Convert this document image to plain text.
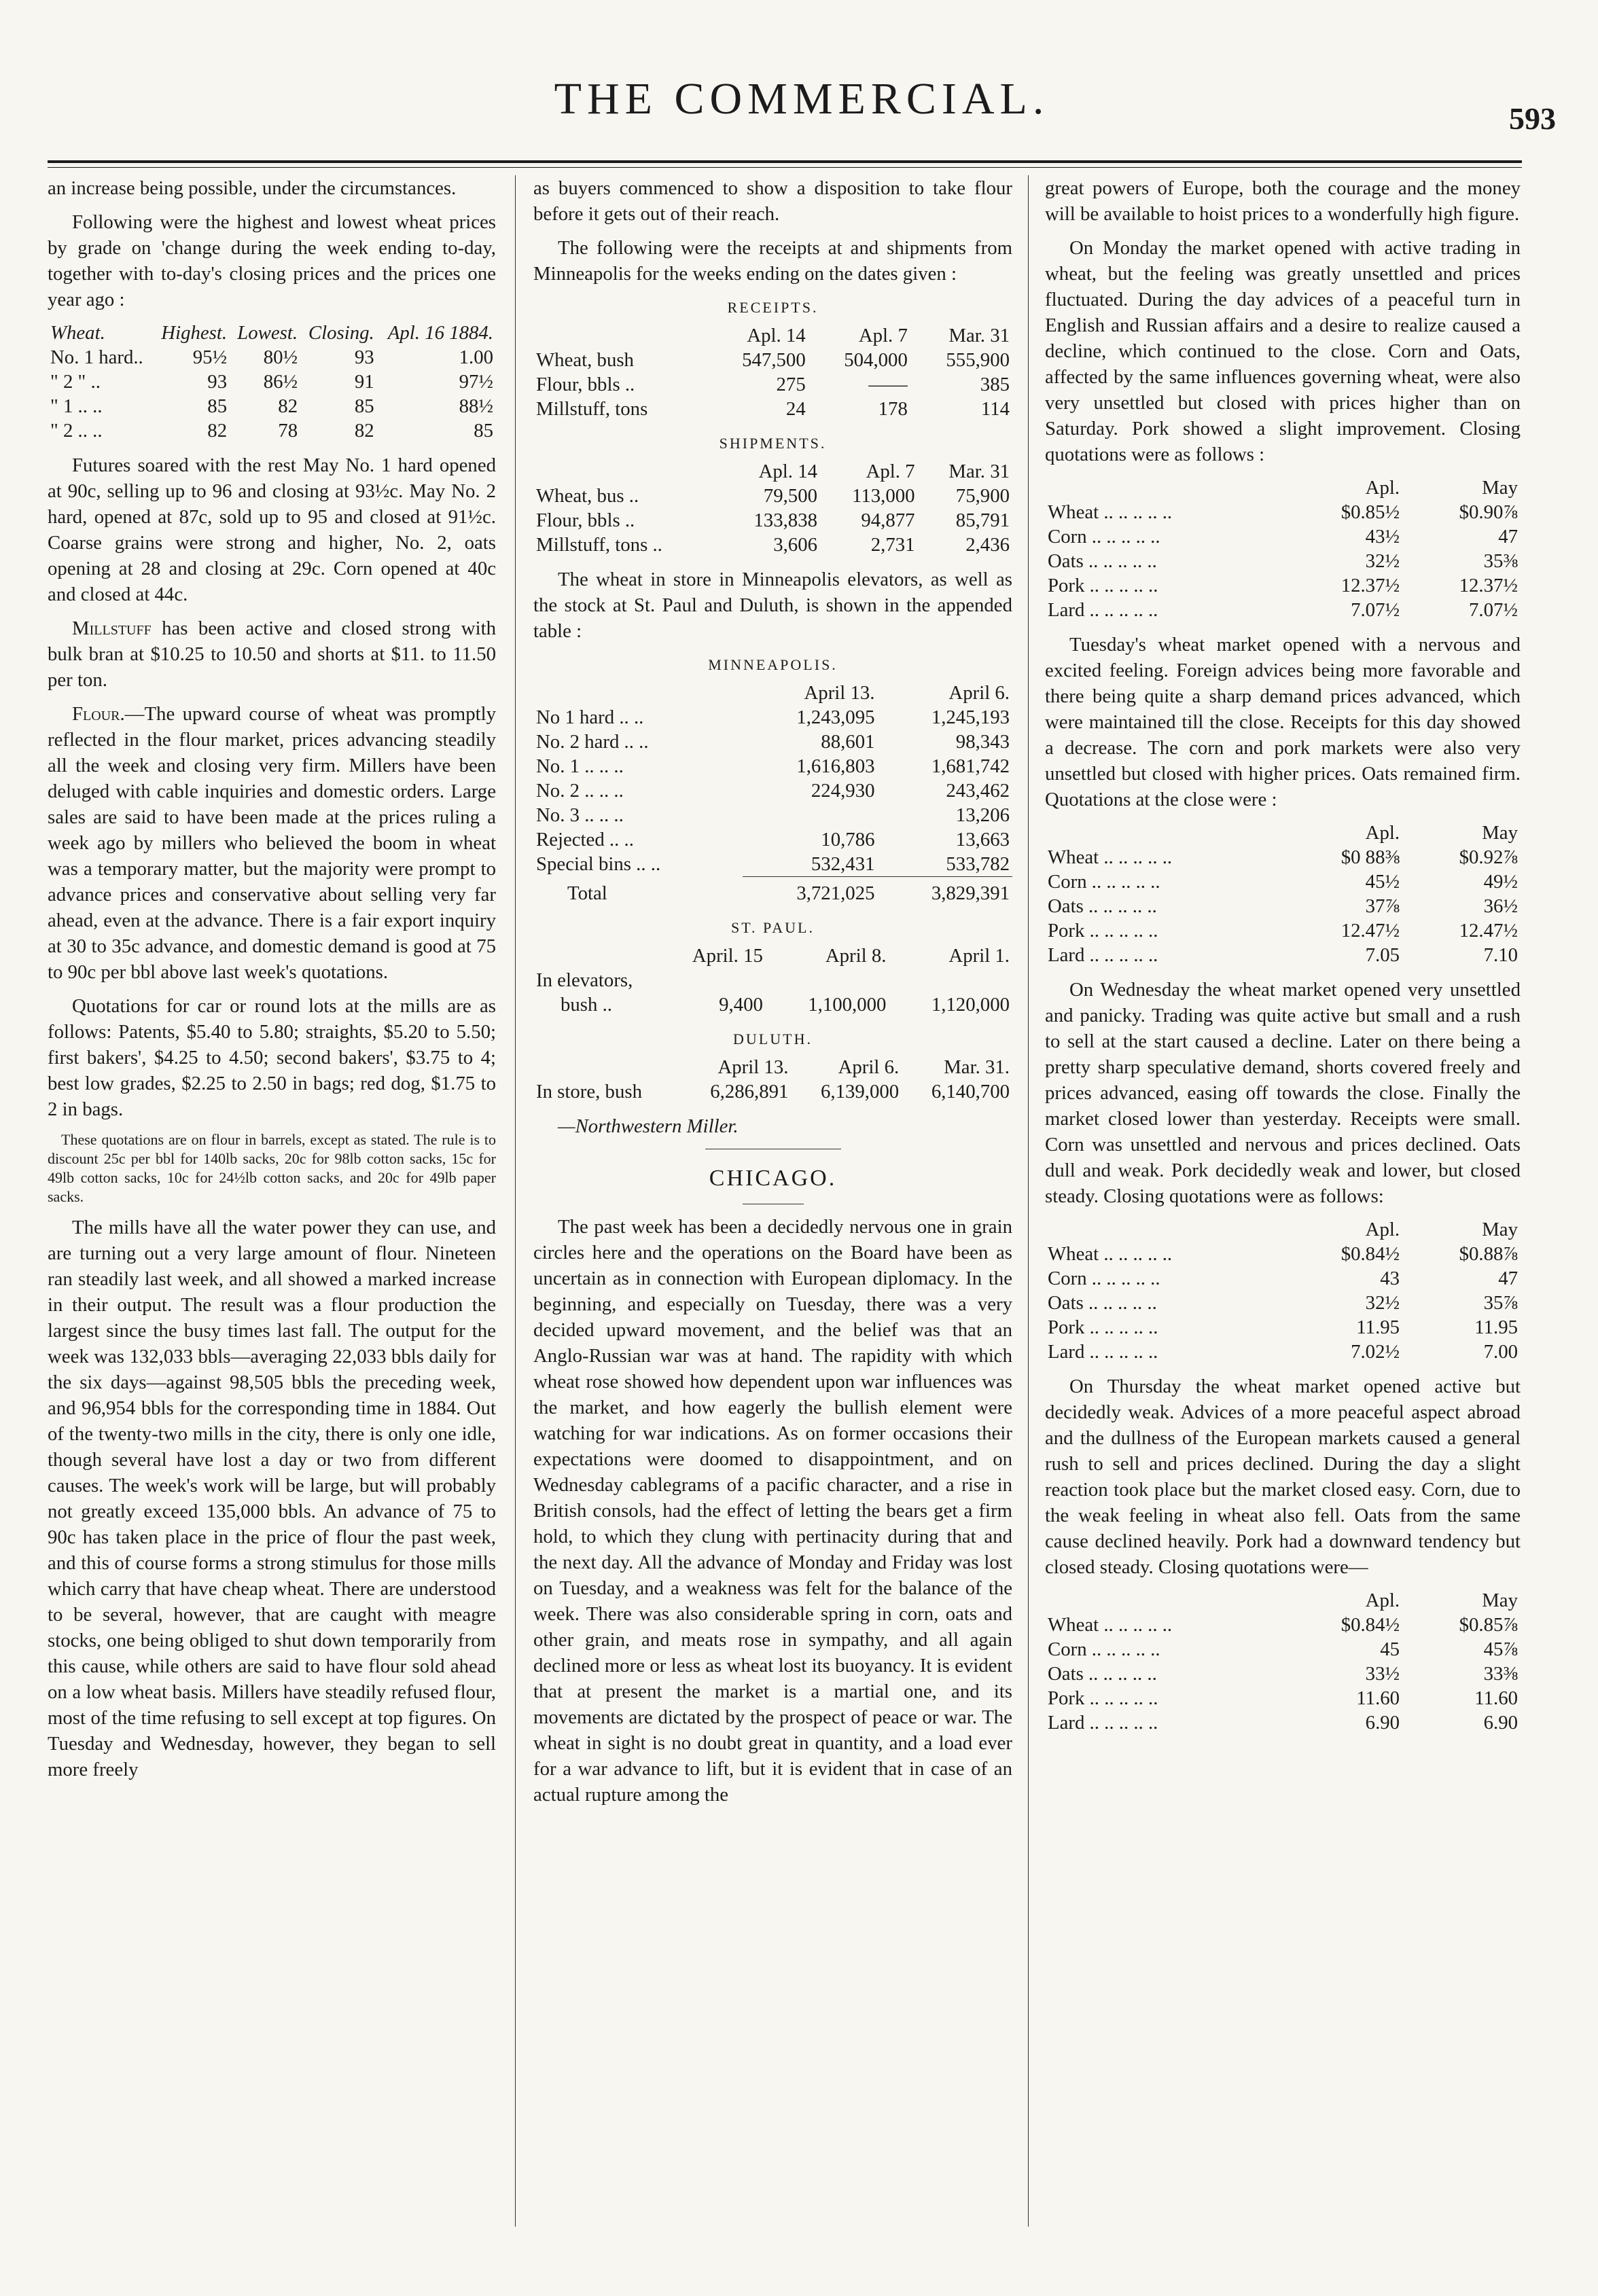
THE COMMERCIAL.	593

an increase being possible, under the circumstances.

Following were the highest and lowest wheat prices by grade on 'change during the week ending to-day, together with to-day's closing prices and the prices one year ago :

Wheat.	Highest.	Lowest.	Closing.	Apl. 16 1884.
No. 1 hard..	95½	80½	93	1.00
" 2 " ..	93	86½	91	97½
" 1 .. ..	85	82	85	88½
" 2 .. ..	82	78	82	85

Futures soared with the rest May No. 1 hard opened at 90c, selling up to 96 and closing at 93½c. May No. 2 hard, opened at 87c, sold up to 95 and closed at 91½c. Coarse grains were strong and higher, No. 2, oats opening at 28 and closing at 29c. Corn opened at 40c and closed at 44c.

Millstuff has been active and closed strong with bulk bran at $10.25 to 10.50 and shorts at $11. to 11.50 per ton.

Flour.—The upward course of wheat was promptly reflected in the flour market, prices advancing steadily all the week and closing very firm. Millers have been deluged with cable inquiries and domestic orders. Large sales are said to have been made at the prices ruling a week ago by millers who believed the boom in wheat was a temporary matter, but the majority were prompt to advance prices and conservative about selling very far ahead, even at the advance. There is a fair export inquiry at 30 to 35c advance, and domestic demand is good at 75 to 90c per bbl above last week's quotations.

Quotations for car or round lots at the mills are as follows: Patents, $5.40 to 5.80; straights, $5.20 to 5.50; first bakers', $4.25 to 4.50; second bakers', $3.75 to 4; best low grades, $2.25 to 2.50 in bags; red dog, $1.75 to 2 in bags.

These quotations are on flour in barrels, except as stated. The rule is to discount 25c per bbl for 140lb sacks, 20c for 98lb cotton sacks, 15c for 49lb cotton sacks, 10c for 24½lb cotton sacks, and 20c for 49lb paper sacks.

The mills have all the water power they can use, and are turning out a very large amount of flour. Nineteen ran steadily last week, and all showed a marked increase in their output. The result was a flour production the largest since the busy times last fall. The output for the week was 132,033 bbls—averaging 22,033 bbls daily for the six days—against 98,505 bbls the preceding week, and 96,954 bbls for the corresponding time in 1884. Out of the twenty-two mills in the city, there is only one idle, though several have lost a day or two from different causes. The week's work will be large, but will probably not greatly exceed 135,000 bbls. An advance of 75 to 90c has taken place in the price of flour the past week, and this of course forms a strong stimulus for those mills which carry that have cheap wheat. There are understood to be several, however, that are caught with meagre stocks, one being obliged to shut down temporarily from this cause, while others are said to have flour sold ahead on a low wheat basis. Millers have steadily refused flour, most of the time refusing to sell except at top figures. On Tuesday and Wednesday, however, they began to sell more freely

as buyers commenced to show a disposition to take flour before it gets out of their reach.

The following were the receipts at and shipments from Minneapolis for the weeks ending on the dates given :

RECEIPTS.
	Apl. 14	Apl. 7	Mar. 31
Wheat, bush	547,500	504,000	555,900
Flour, bbls ..	275	——	385
Millstuff, tons	24	178	114
SHIPMENTS.
	Apl. 14	Apl. 7	Mar. 31
Wheat, bus ..	79,500	113,000	75,900
Flour, bbls ..	133,838	94,877	85,791
Millstuff, tons ..	3,606	2,731	2,436

The wheat in store in Minneapolis elevators, as well as the stock at St. Paul and Duluth, is shown in the appended table :

MINNEAPOLIS.
	April 13.	April 6.
No 1 hard .. ..	1,243,095	1,245,193
No. 2 hard .. ..	88,601	98,343
No. 1 .. .. ..	1,616,803	1,681,742
No. 2 .. .. ..	224,930	243,462
No. 3 .. .. ..		13,206
Rejected .. ..	10,786	13,663
Special bins .. ..	532,431	533,782
Total	3,721,025	3,829,391
ST. PAUL.
	April. 15	April 8.	April 1.
In elevators,			
bush ..	9,400	1,100,000	1,120,000
DULUTH.
	April 13.	April 6.	Mar. 31.
In store, bush	6,286,891	6,139,000	6,140,700

—Northwestern Miller.

CHICAGO.

The past week has been a decidedly nervous one in grain circles here and the operations on the Board have been as uncertain as in connection with European diplomacy. In the beginning, and especially on Tuesday, there was a very decided upward movement, and the belief was that an Anglo-Russian war was at hand. The rapidity with which wheat rose showed how dependent upon war influences was the market, and how eagerly the bullish element were watching for war indications. As on former occasions their expectations were doomed to disappointment, and on Wednesday cablegrams of a pacific character, and a rise in British consols, had the effect of letting the bears get a firm hold, to which they clung with pertinacity during that and the next day. All the advance of Monday and Friday was lost on Tuesday, and a weakness was felt for the balance of the week. There was also considerable spring in corn, oats and other grain, and meats rose in sympathy, and all again declined more or less as wheat lost its buoyancy. It is evident that at present the market is a martial one, and its movements are dictated by the prospect of peace or war. The wheat in sight is no doubt great in quantity, and a load ever for a war advance to lift, but it is evident that in case of an actual rupture among the

great powers of Europe, both the courage and the money will be available to hoist prices to a wonderfully high figure.

On Monday the market opened with active trading in wheat, but the feeling was greatly unsettled and prices fluctuated. During the day advices of a peaceful turn in English and Russian affairs and a desire to realize caused a decline, which continued to the close. Corn and Oats, affected by the same influences governing wheat, were also very unsettled but closed with prices higher than on Saturday. Pork showed a slight improvement. Closing quotations were as follows :

	Apl.	May
Wheat .. .. .. .. ..	$0.85½	$0.90⅞
Corn .. .. .. .. ..	43½	47
Oats .. .. .. .. ..	32½	35⅜
Pork .. .. .. .. ..	12.37½	12.37½
Lard .. .. .. .. ..	7.07½	7.07½

Tuesday's wheat market opened with a nervous and excited feeling. Foreign advices being more favorable and there being quite a sharp demand prices advanced, which were maintained till the close. Receipts for this day showed a decrease. The corn and pork markets were also very unsettled but closed with higher prices. Oats remained firm. Quotations at the close were :

	Apl.	May
Wheat .. .. .. .. ..	$0 88⅜	$0.92⅞
Corn .. .. .. .. ..	45½	49½
Oats .. .. .. .. ..	37⅞	36½
Pork .. .. .. .. ..	12.47½	12.47½
Lard .. .. .. .. ..	7.05	7.10

On Wednesday the wheat market opened very unsettled and panicky. Trading was quite active but small and a rush to sell at the start caused a decline. Later on there being a pretty sharp speculative demand, shorts covered freely and prices advanced, easing off towards the close. Finally the market closed lower than yesterday. Receipts were small. Corn was unsettled and nervous and prices declined. Oats dull and weak. Pork decidedly weak and lower, but closed steady. Closing quotations were as follows:

	Apl.	May
Wheat .. .. .. .. ..	$0.84½	$0.88⅞
Corn .. .. .. .. ..	43	47
Oats .. .. .. .. ..	32½	35⅞
Pork .. .. .. .. ..	11.95	11.95
Lard .. .. .. .. ..	7.02½	7.00

On Thursday the wheat market opened active but decidedly weak. Advices of a more peaceful aspect abroad and the dullness of the European markets caused a general rush to sell and prices declined. During the day a slight reaction took place but the market closed easy. Corn, due to the weak feeling in wheat also fell. Oats from the same cause declined heavily. Pork had a downward tendency but closed steady. Closing quotations were—

	Apl.	May
Wheat .. .. .. .. ..	$0.84½	$0.85⅞
Corn .. .. .. .. ..	45	45⅞
Oats .. .. .. .. ..	33½	33⅜
Pork .. .. .. .. ..	11.60	11.60
Lard .. .. .. .. ..	6.90	6.90
